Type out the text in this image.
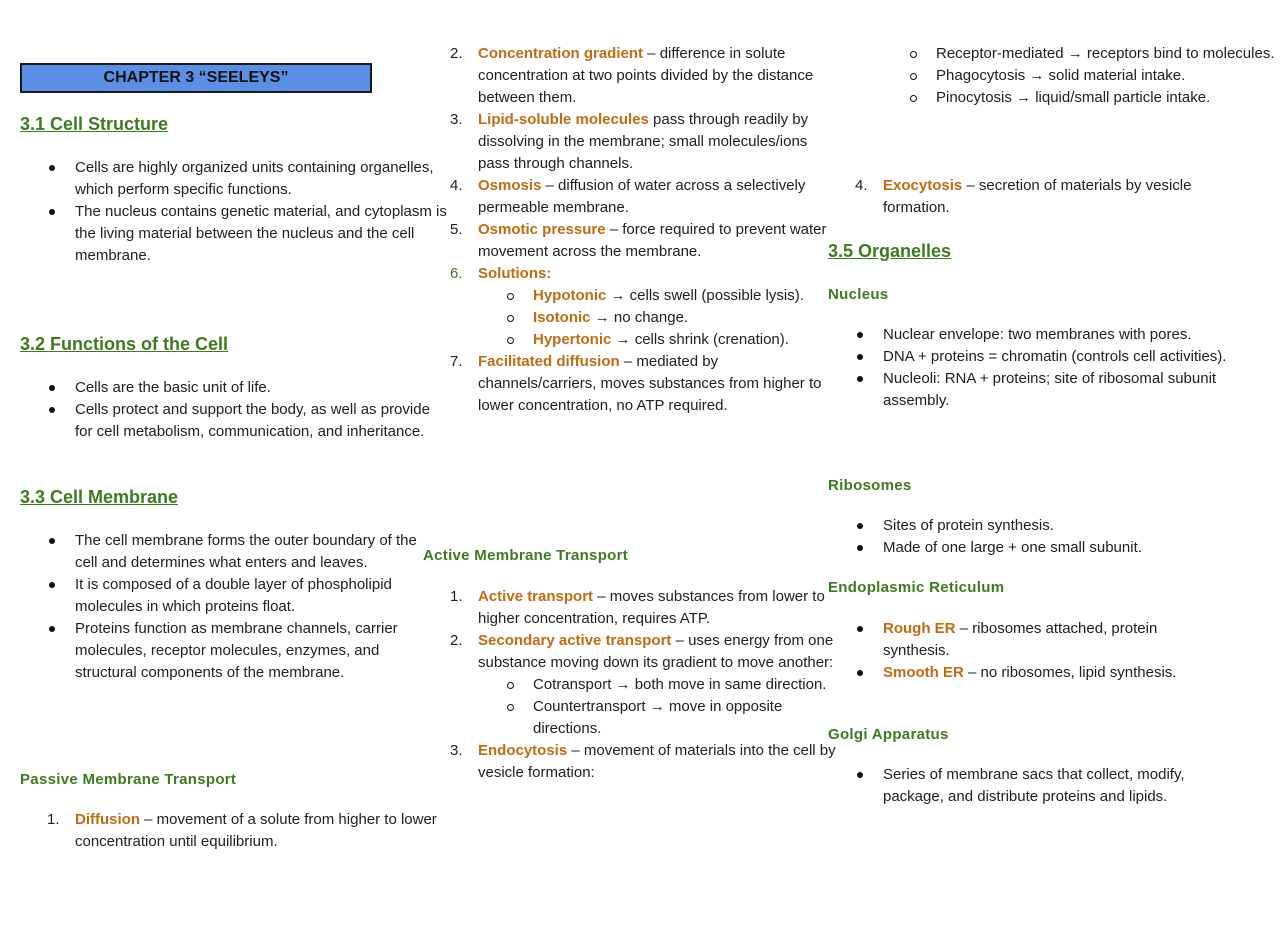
CHAPTER 3 “SEELEYS”
3.1 Cell Structure
Cells are highly organized units containing organelles, which perform specific functions.
The nucleus contains genetic material, and cytoplasm is the living material between the nucleus and the cell membrane.
3.2 Functions of the Cell
Cells are the basic unit of life.
Cells protect and support the body, as well as provide for cell metabolism, communication, and inheritance.
3.3 Cell Membrane
The cell membrane forms the outer boundary of the cell and determines what enters and leaves.
It is composed of a double layer of phospholipid molecules in which proteins float.
Proteins function as membrane channels, carrier molecules, receptor molecules, enzymes, and structural components of the membrane.
Passive Membrane Transport
1. Diffusion – movement of a solute from higher to lower concentration until equilibrium.
2. Concentration gradient – difference in solute concentration at two points divided by the distance between them.
3. Lipid-soluble molecules pass through readily by dissolving in the membrane; small molecules/ions pass through channels.
4. Osmosis – diffusion of water across a selectively permeable membrane.
5. Osmotic pressure – force required to prevent water movement across the membrane.
6. Solutions:
Hypotonic → cells swell (possible lysis).
Isotonic → no change.
Hypertonic → cells shrink (crenation).
7. Facilitated diffusion – mediated by channels/carriers, moves substances from higher to lower concentration, no ATP required.
Active Membrane Transport
1. Active transport – moves substances from lower to higher concentration, requires ATP.
2. Secondary active transport – uses energy from one substance moving down its gradient to move another:
Cotransport → both move in same direction.
Countertransport → move in opposite directions.
3. Endocytosis – movement of materials into the cell by vesicle formation:
Receptor-mediated → receptors bind to molecules.
Phagocytosis → solid material intake.
Pinocytosis → liquid/small particle intake.
4. Exocytosis – secretion of materials by vesicle formation.
3.5 Organelles
Nucleus
Nuclear envelope: two membranes with pores.
DNA + proteins = chromatin (controls cell activities).
Nucleoli: RNA + proteins; site of ribosomal subunit assembly.
Ribosomes
Sites of protein synthesis.
Made of one large + one small subunit.
Endoplasmic Reticulum
Rough ER – ribosomes attached, protein synthesis.
Smooth ER – no ribosomes, lipid synthesis.
Golgi Apparatus
Series of membrane sacs that collect, modify, package, and distribute proteins and lipids.
